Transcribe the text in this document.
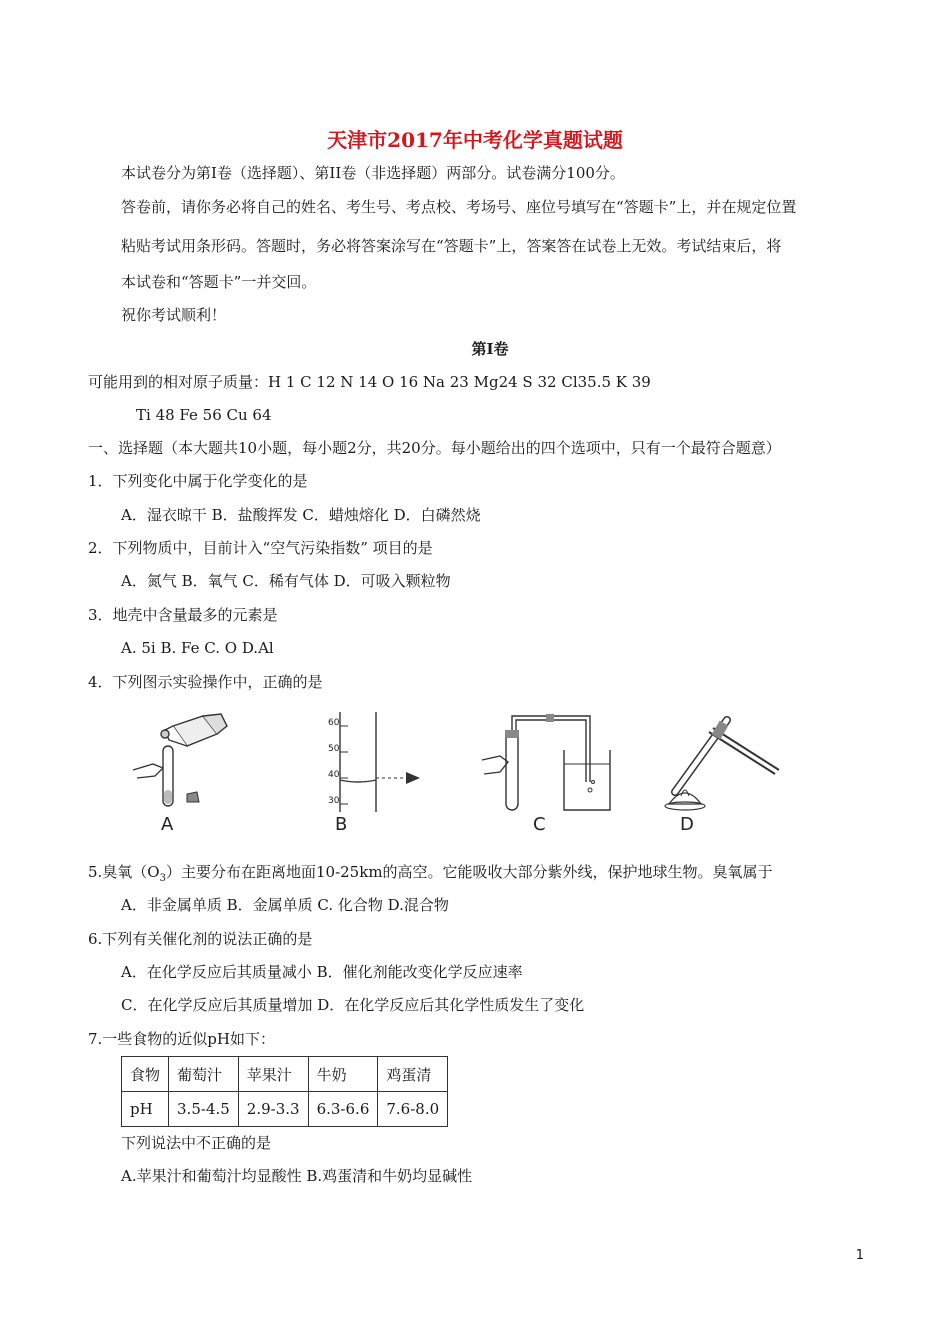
天津市2017年中考化学真题试题
本试卷分为第Ⅰ卷（选择题）、第II卷（非选择题）两部分。试卷满分100分。
答卷前，请你务必将自己的姓名、考生号、考点校、考场号、座位号填写在“答题卡”上，并在规定位置
粘贴考试用条形码。答题时，务必将答案涂写在“答题卡”上，答案答在试卷上无效。考试结束后，将
本试卷和“答题卡”一并交回。
祝你考试顺利！
第Ⅰ卷
可能用到的相对原子质量：H 1 C 12 N 14 O 16 Na 23 Mg24 S 32 Cl35.5 K 39
Ti 48 Fe 56 Cu 64
一、选择题（本大题共10小题，每小题2分，共20分。每小题给出的四个选项中，只有一个最符合题意）
1．下列变化中属于化学变化的是
A．湿衣晾干 B．盐酸挥发 C．蜡烛熔化 D．白磷然烧
2．下列物质中，目前计入“空气污染指数” 项目的是
A．氮气 B．氧气 C．稀有气体 D．可吸入颗粒物
3．地壳中含量最多的元素是
A. 5i B. Fe C. O D.Al
4．下列图示实验操作中，正确的是
A
60
50
40
30
B	C	D
5.臭氧$(O_3)$主要分布在距离地面10-25km的高空。它能吸收大部分紫外线，保护地球生物。臭氧属于
A．非金属单质 B．金属单质 C. 化合物 D.混合物
6.下列有关催化剂的说法正确的是
A．在化学反应后其质量减小 B．催化剂能改变化学反应速率
C．在化学反应后其质量增加 D．在化学反应后其化学性质发生了变化
7.一些食物的近似pH如下：
食物	葡萄汁	苹果汁	牛奶	鸡蛋清
pH	3.5-4.5	2.9-3.3	6.3-6.6	7.6-8.0
下列说法中不正确的是
A.苹果汁和葡萄汁均显酸性 B.鸡蛋清和牛奶均显碱性
1
